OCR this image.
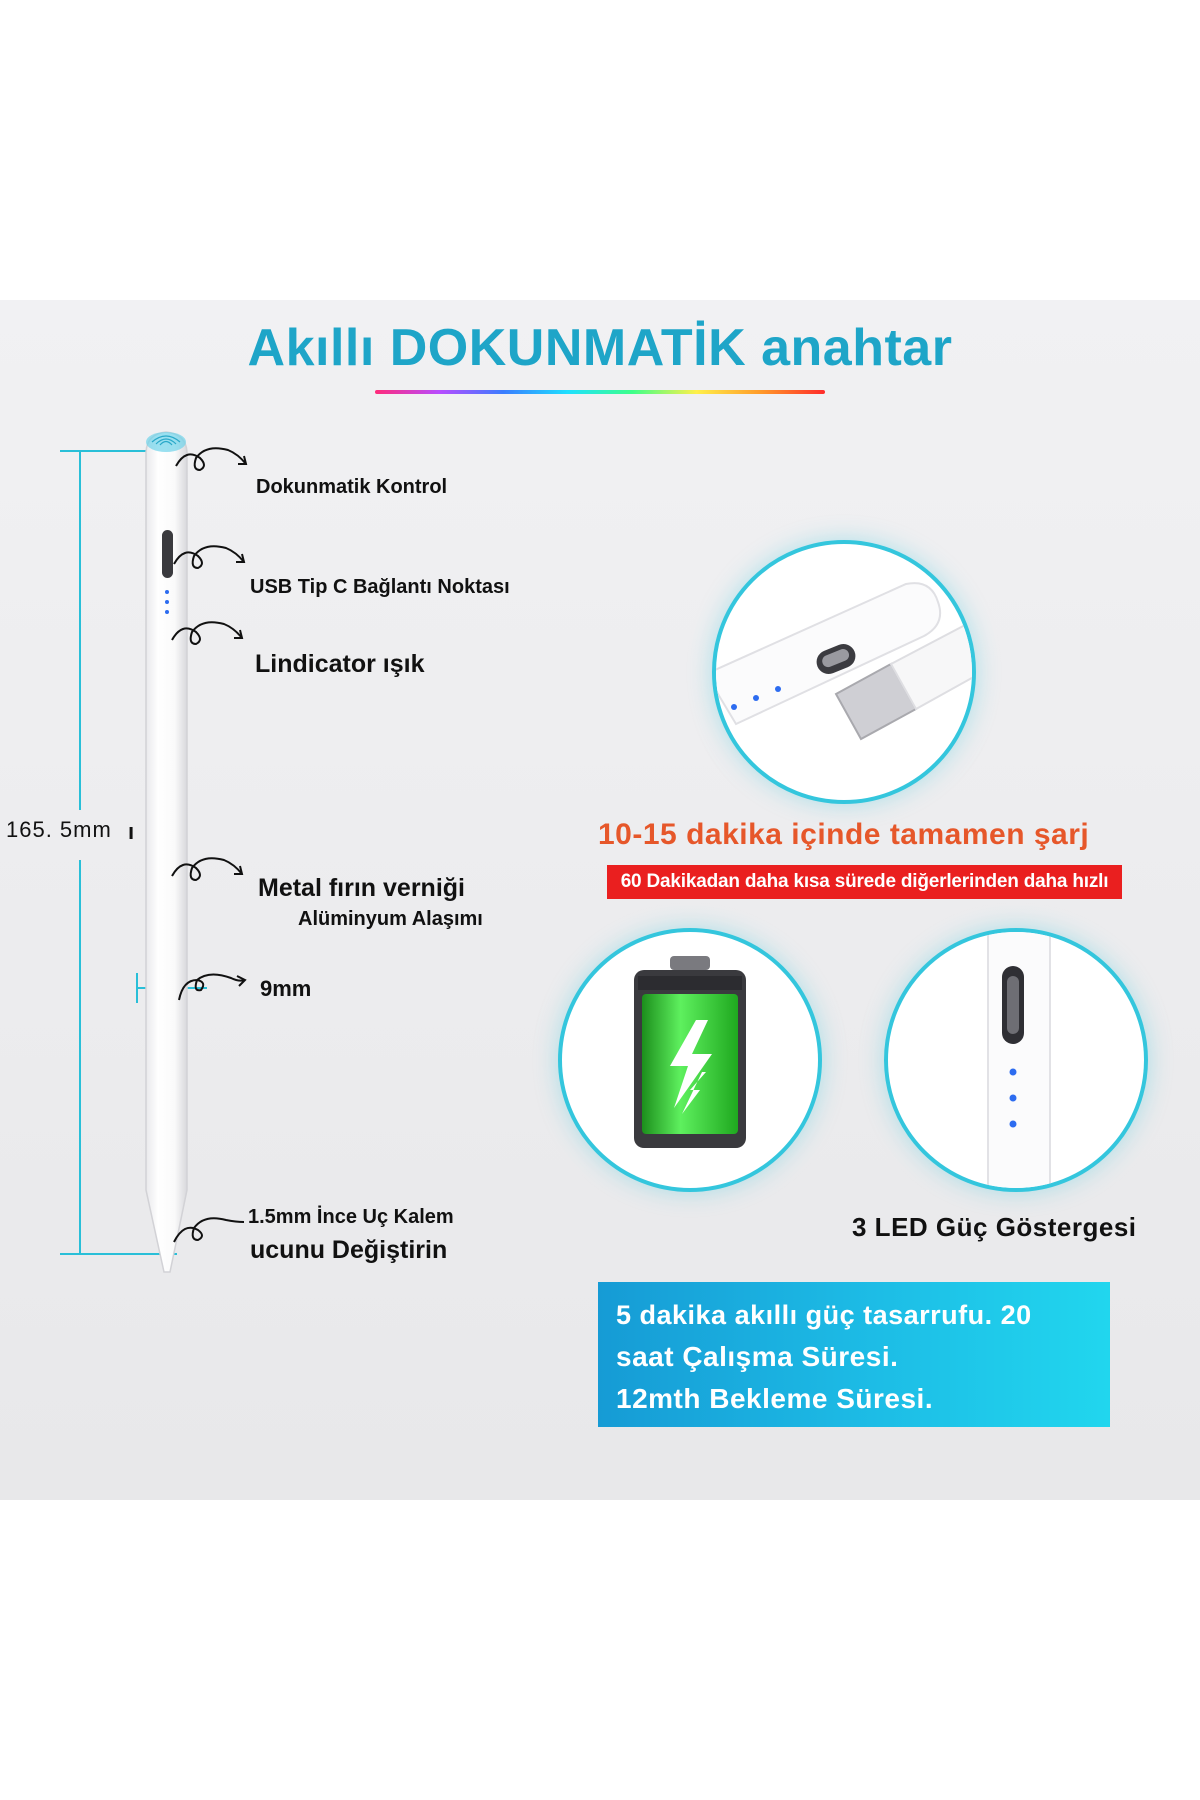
Akıllı DOKUNMATİK anahtar
165. 5mm ı
Dokunmatik Kontrol
USB Tip C Bağlantı Noktası
Lindicator ışık
Metal fırın verniği
Alüminyum Alaşımı
9mm
1.5mm İnce Uç Kalem
ucunu Değiştirin
10-15 dakika içinde tamamen şarj
60 Dakikadan daha kısa sürede diğerlerinden daha hızlı
3 LED Güç Göstergesi
5 dakika akıllı güç tasarrufu. 20
saat Çalışma Süresi.
12mth Bekleme Süresi.
